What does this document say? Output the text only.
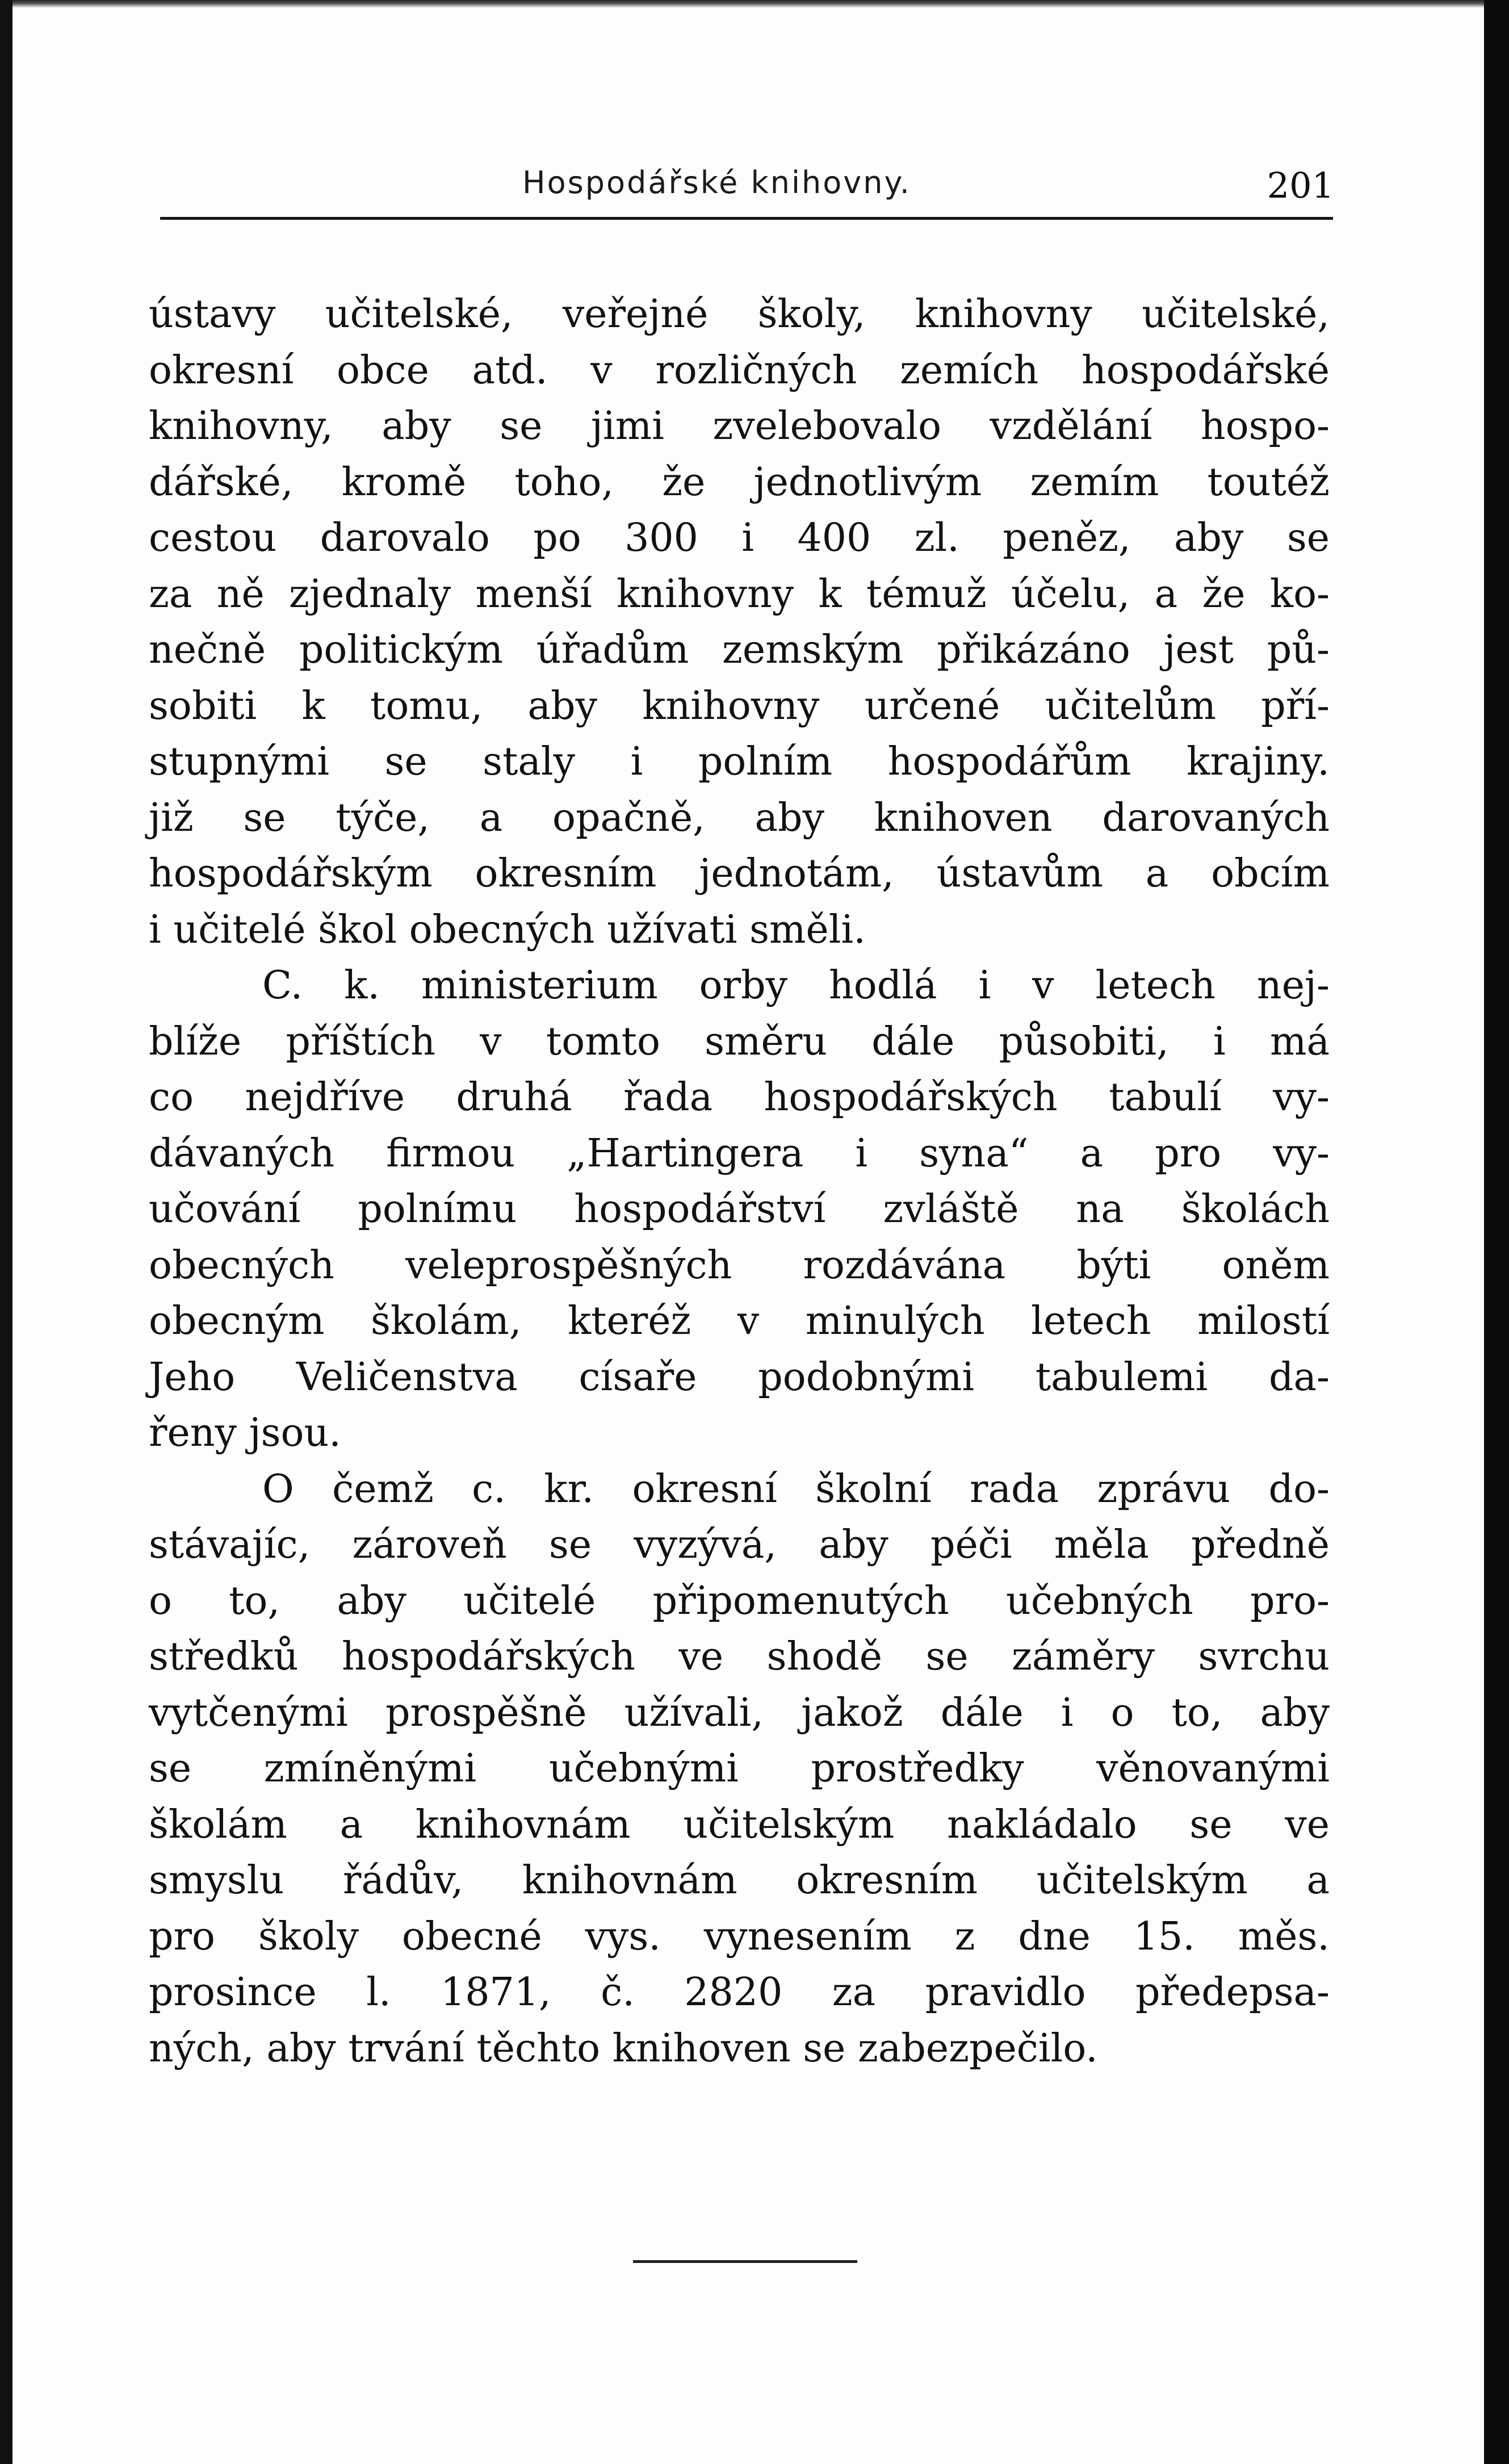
Hospodářské knihovny.	201
ústavy učitelské, veřejné školy, knihovny učitelské,
okresní obce atd. v rozličných zemích hospodářské
knihovny, aby se jimi zvelebovalo vzdělání hospo-
dářské, kromě toho, že jednotlivým zemím toutéž
cestou darovalo po 300 i 400 zl. peněz, aby se
za ně zjednaly menší knihovny k témuž účelu, a že ko-
nečně politickým úřadům zemským přikázáno jest pů-
sobiti k tomu, aby knihovny určené učitelům pří-
stupnými se staly i polním hospodářům krajiny.
již se týče, a opačně, aby knihoven darovaných
hospodářským okresním jednotám, ústavům a obcím
i učitelé škol obecných užívati směli.
C. k. ministerium orby hodlá i v letech nej-
blíže příštích v tomto směru dále působiti, i má
co nejdříve druhá řada hospodářských tabulí vy-
dávaných firmou „Hartingera i syna“ a pro vy-
učování polnímu hospodářství zvláště na školách
obecných veleprospěšných rozdávána býti oněm
obecným školám, kteréž v minulých letech milostí
Jeho Veličenstva císaře podobnými tabulemi da-
řeny jsou.
O čemž c. kr. okresní školní rada zprávu do-
stávajíc, zároveň se vyzývá, aby péči měla předně
o to, aby učitelé připomenutých učebných pro-
středků hospodářských ve shodě se záměry svrchu
vytčenými prospěšně užívali, jakož dále i o to, aby
se zmíněnými učebnými prostředky věnovanými
školám a knihovnám učitelským nakládalo se ve
smyslu řádův, knihovnám okresním učitelským a
pro školy obecné vys. vynesením z dne 15. měs.
prosince l. 1871, č. 2820 za pravidlo předepsa-
ných, aby trvání těchto knihoven se zabezpečilo.
